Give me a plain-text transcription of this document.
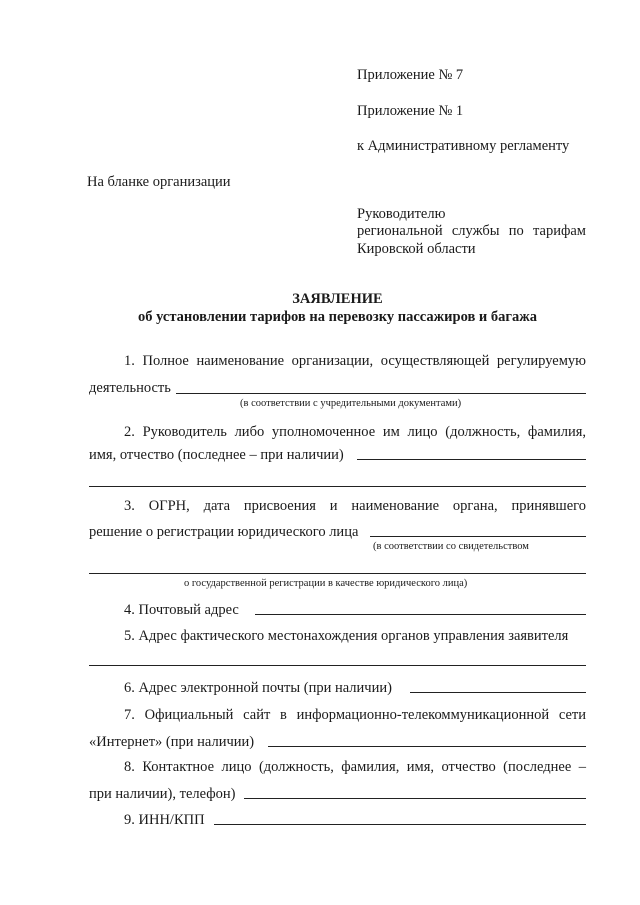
Приложение № 7
Приложение № 1
к Административному регламенту
На бланке организации
Руководителю
региональной службы по тарифам
Кировской области
ЗАЯВЛЕНИЕ
об установлении тарифов на перевозку пассажиров и багажа
1. Полное наименование организации, осуществляющей регулируемую
деятельность
(в соответствии с учредительными документами)
2. Руководитель либо уполномоченное им лицо (должность, фамилия,
имя, отчество (последнее – при наличии)
3. ОГРН, дата присвоения и наименование органа, принявшего
решение о регистрации юридического лица
(в соответствии со свидетельством
о государственной регистрации в качестве юридического лица)
4. Почтовый адрес
5. Адрес фактического местонахождения органов управления заявителя
6. Адрес электронной почты (при наличии)
7. Официальный сайт в информационно-телекоммуникационной сети
«Интернет» (при наличии)
8. Контактное лицо (должность, фамилия, имя, отчество (последнее –
при наличии), телефон)
9. ИНН/КПП
